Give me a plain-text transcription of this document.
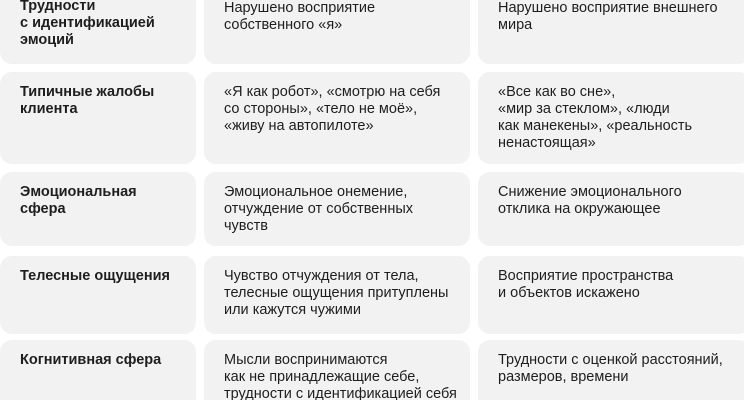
Трудности
с идентификацией
эмоций
Нарушено восприятие
собственного «я»
Нарушено восприятие внешнего
мира
Типичные жалобы
клиента
«Я как робот», «смотрю на себя
со стороны», «тело не моё»,
«живу на автопилоте»
«Все как во сне»,
«мир за стеклом», «люди
как манекены», «реальность
ненастоящая»
Эмоциональная сфера
Эмоциональное онемение,
отчуждение от собственных
чувств
Снижение эмоционального
отклика на окружающее
Телесные ощущения	Чувство отчуждения от тела,
телесные ощущения притуплены
или кажутся чужими
Восприятие пространства
и объектов искажено
Когнитивная сфера	Мысли воспринимаются
как не принадлежащие себе,
трудности с идентификацией себя
Трудности с оценкой расстояний,
размеров, времени
